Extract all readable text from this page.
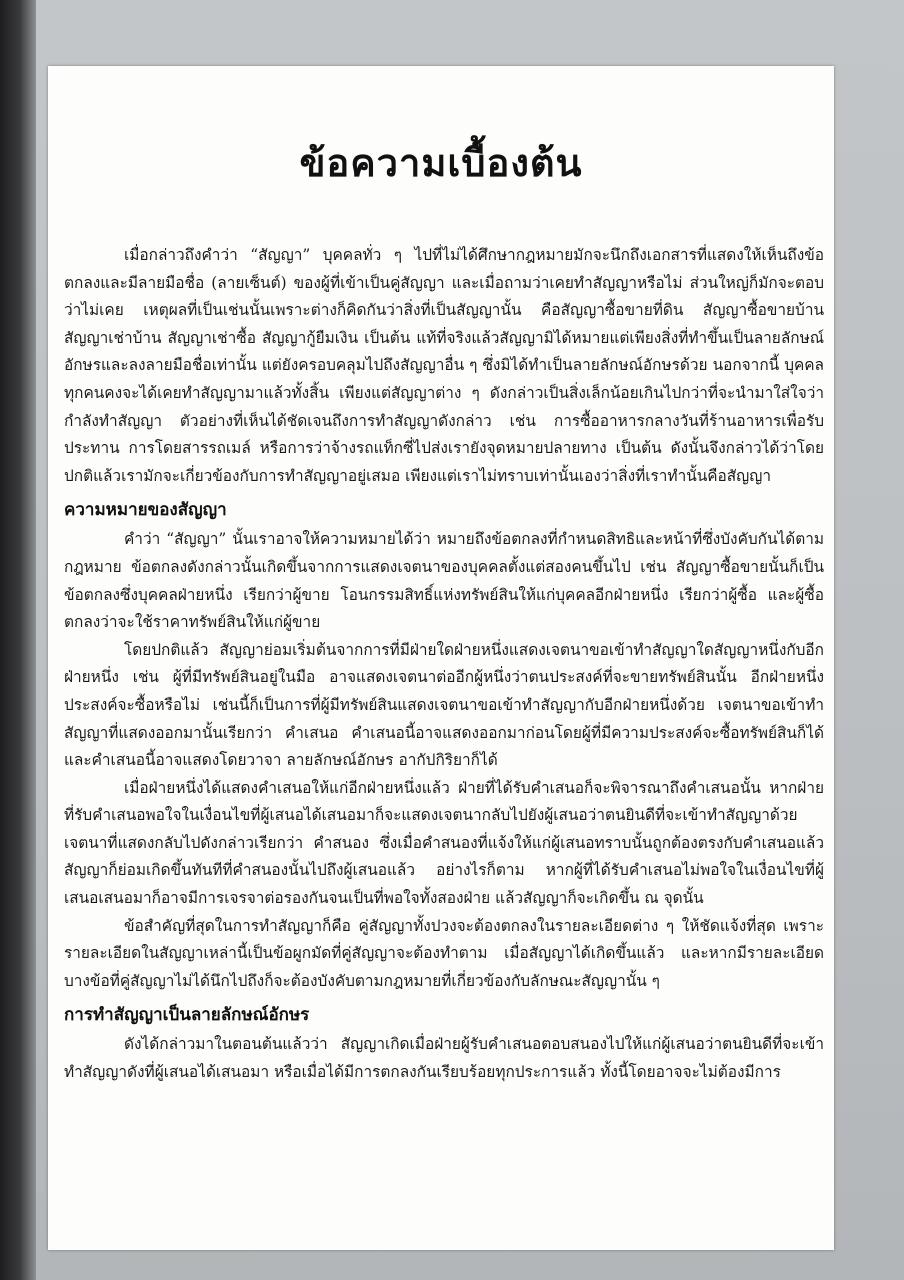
ข้อความเบื้องต้น

เมื่อกล่าวถึงคำว่า “สัญญา” บุคคลทั่ว ๆ ไปที่ไม่ได้ศึกษากฎหมายมักจะนึกถึงเอกสารที่แสดงให้เห็นถึงข้อตกลงและมีลายมือชื่อ (ลายเซ็นต์) ของผู้ที่เข้าเป็นคู่สัญญา และเมื่อถามว่าเคยทำสัญญาหรือไม่ ส่วนใหญ่ก็มักจะตอบว่าไม่เคย เหตุผลที่เป็นเช่นนั้นเพราะต่างก็คิดกันว่าสิ่งที่เป็นสัญญานั้น คือสัญญาซื้อขายที่ดิน สัญญาซื้อขายบ้าน สัญญาเช่าบ้าน สัญญาเช่าซื้อ สัญญากู้ยืมเงิน เป็นต้น แท้ที่จริงแล้วสัญญามิได้หมายแต่เพียงสิ่งที่ทำขึ้นเป็นลายลักษณ์อักษรและลงลายมือชื่อเท่านั้น แต่ยังครอบคลุมไปถึงสัญญาอื่น ๆ ซึ่งมิได้ทำเป็นลายลักษณ์อักษรด้วย นอกจากนี้ บุคคลทุกคนคงจะได้เคยทำสัญญามาแล้วทั้งสิ้น เพียงแต่สัญญาต่าง ๆ ดังกล่าวเป็นสิ่งเล็กน้อยเกินไปกว่าที่จะนำมาใส่ใจว่ากำลังทำสัญญา ตัวอย่างที่เห็นได้ชัดเจนถึงการทำสัญญาดังกล่าว เช่น การซื้ออาหารกลางวันที่ร้านอาหารเพื่อรับประทาน การโดยสารรถเมล์ หรือการว่าจ้างรถแท็กซี่ไปส่งเรายังจุดหมายปลายทาง เป็นต้น ดังนั้นจึงกล่าวได้ว่าโดยปกติแล้วเรามักจะเกี่ยวข้องกับการทำสัญญาอยู่เสมอ เพียงแต่เราไม่ทราบเท่านั้นเองว่าสิ่งที่เราทำนั้นคือสัญญา

ความหมายของสัญญา

คำว่า “สัญญา” นั้นเราอาจให้ความหมายได้ว่า หมายถึงข้อตกลงที่กำหนดสิทธิและหน้าที่ซึ่งบังคับกันได้ตามกฎหมาย ข้อตกลงดังกล่าวนั้นเกิดขึ้นจากการแสดงเจตนาของบุคคลตั้งแต่สองคนขึ้นไป เช่น สัญญาซื้อขายนั้นก็เป็นข้อตกลงซึ่งบุคคลฝ่ายหนึ่ง เรียกว่าผู้ขาย โอนกรรมสิทธิ์แห่งทรัพย์สินให้แก่บุคคลอีกฝ่ายหนึ่ง เรียกว่าผู้ซื้อ และผู้ซื้อตกลงว่าจะใช้ราคาทรัพย์สินให้แก่ผู้ขาย

โดยปกติแล้ว สัญญาย่อมเริ่มต้นจากการที่มีฝ่ายใดฝ่ายหนึ่งแสดงเจตนาขอเข้าทำสัญญาใดสัญญาหนึ่งกับอีกฝ่ายหนึ่ง เช่น ผู้ที่มีทรัพย์สินอยู่ในมือ อาจแสดงเจตนาต่ออีกผู้หนึ่งว่าตนประสงค์ที่จะขายทรัพย์สินนั้น อีกฝ่ายหนึ่งประสงค์จะซื้อหรือไม่ เช่นนี้ก็เป็นการที่ผู้มีทรัพย์สินแสดงเจตนาขอเข้าทำสัญญากับอีกฝ่ายหนึ่งด้วย เจตนาขอเข้าทำสัญญาที่แสดงออกมานั้นเรียกว่า คำเสนอ คำเสนอนี้อาจแสดงออกมาก่อนโดยผู้ที่มีความประสงค์จะซื้อทรัพย์สินก็ได้ และคำเสนอนี้อาจแสดงโดยวาจา ลายลักษณ์อักษร อากัปกิริยาก็ได้

เมื่อฝ่ายหนึ่งได้แสดงคำเสนอให้แก่อีกฝ่ายหนึ่งแล้ว ฝ่ายที่ได้รับคำเสนอก็จะพิจารณาถึงคำเสนอนั้น หากฝ่ายที่รับคำเสนอพอใจในเงื่อนไขที่ผู้เสนอได้เสนอมาก็จะแสดงเจตนากลับไปยังผู้เสนอว่าตนยินดีที่จะเข้าทำสัญญาด้วย เจตนาที่แสดงกลับไปดังกล่าวเรียกว่า คำสนอง ซึ่งเมื่อคำสนองที่แจ้งให้แก่ผู้เสนอทราบนั้นถูกต้องตรงกับคำเสนอแล้ว สัญญาก็ย่อมเกิดขึ้นทันทีที่คำสนองนั้นไปถึงผู้เสนอแล้ว อย่างไรก็ตาม หากผู้ที่ได้รับคำเสนอไม่พอใจในเงื่อนไขที่ผู้เสนอเสนอมาก็อาจมีการเจรจาต่อรองกันจนเป็นที่พอใจทั้งสองฝ่าย แล้วสัญญาก็จะเกิดขึ้น ณ จุดนั้น

ข้อสำคัญที่สุดในการทำสัญญาก็คือ คู่สัญญาทั้งปวงจะต้องตกลงในรายละเอียดต่าง ๆ ให้ชัดแจ้งที่สุด เพราะรายละเอียดในสัญญาเหล่านี้เป็นข้อผูกมัดที่คู่สัญญาจะต้องทำตาม เมื่อสัญญาได้เกิดขึ้นแล้ว และหากมีรายละเอียดบางข้อที่คู่สัญญาไม่ได้นึกไปถึงก็จะต้องบังคับตามกฎหมายที่เกี่ยวข้องกับลักษณะสัญญานั้น ๆ

การทำสัญญาเป็นลายลักษณ์อักษร

ดังได้กล่าวมาในตอนต้นแล้วว่า สัญญาเกิดเมื่อฝ่ายผู้รับคำเสนอตอบสนองไปให้แก่ผู้เสนอว่าตนยินดีที่จะเข้าทำสัญญาดังที่ผู้เสนอได้เสนอมา หรือเมื่อได้มีการตกลงกันเรียบร้อยทุกประการแล้ว ทั้งนี้โดยอาจจะไม่ต้องมีการ
